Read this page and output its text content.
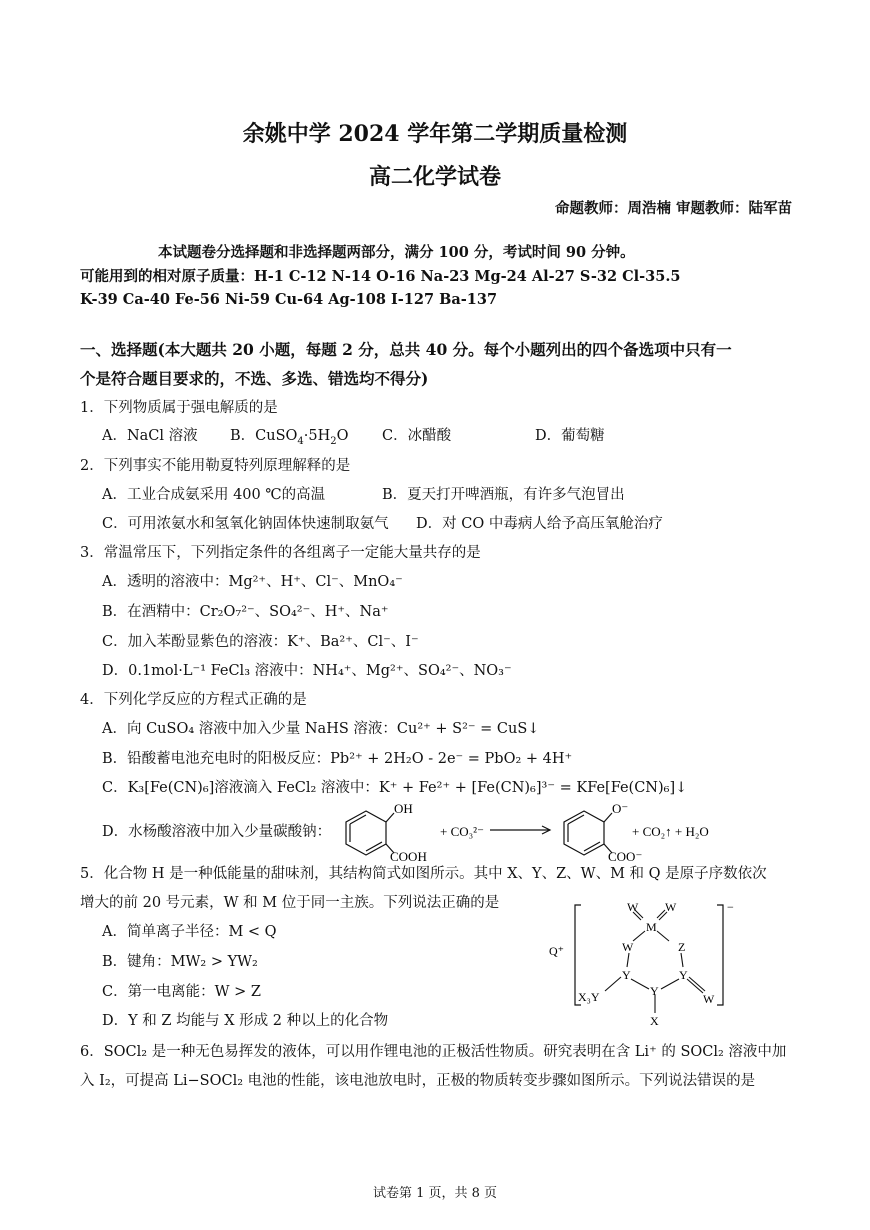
余姚中学 2024 学年第二学期质量检测
高二化学试卷
命题教师：周浩楠 审题教师：陆军苗
本试题卷分选择题和非选择题两部分，满分 100 分，考试时间 90 分钟。
可能用到的相对原子质量：H-1 C-12 N-14 O-16 Na-23 Mg-24 Al-27 S-32 Cl-35.5
K-39 Ca-40 Fe-56 Ni-59 Cu-64 Ag-108 I-127 Ba-137
一、选择题(本大题共 20 小题，每题 2 分，总共 40 分。每个小题列出的四个备选项中只有一
个是符合题目要求的，不选、多选、错选均不得分)
1．下列物质属于强电解质的是
A．NaCl 溶液 B．$CuSO_4\cdot 5H_2O$ C．冰醋酸	D．葡萄糖
2．下列事实不能用勒夏特列原理解释的是
A．工业合成氨采用 400 ℃的高温	B．夏天打开啤酒瓶，有许多气泡冒出
C．可用浓氨水和氢氧化钠固体快速制取氨气 D．对 CO 中毒病人给予高压氧舱治疗
3．常温常压下，下列指定条件的各组离子一定能大量共存的是
A．透明的溶液中：Mg²⁺、H⁺、Cl⁻、MnO₄⁻
B．在酒精中：Cr₂O₇²⁻、SO₄²⁻、H⁺、Na⁺
C．加入苯酚显紫色的溶液：K⁺、Ba²⁺、Cl⁻、I⁻
D．0.1mol·L⁻¹ FeCl₃ 溶液中：NH₄⁺、Mg²⁺、SO₄²⁻、NO₃⁻
4．下列化学反应的方程式正确的是
A．向 CuSO₄ 溶液中加入少量 NaHS 溶液：Cu²⁺ + S²⁻ = CuS↓
B．铅酸蓄电池充电时的阳极反应：Pb²⁺ + 2H₂O - 2e⁻ = PbO₂ + 4H⁺
C．K₃[Fe(CN)₆]溶液滴入 FeCl₂ 溶液中：K⁺ + Fe²⁺ + [Fe(CN)₆]³⁻ = KFe[Fe(CN)₆]↓
D．水杨酸溶液中加入少量碳酸钠：
OH
COOH
+ CO₃²⁻
O⁻
COO⁻
+ CO₂↑ + H₂O
5．化合物 H 是一种低能量的甜味剂，其结构简式如图所示。其中 X、Y、Z、W、M 和 Q 是原子序数依次
增大的前 20 号元素，W 和 M 位于同一主族。下列说法正确的是
A．简单离子半径：M < Q
B．键角：MW₂ > YW₂
C．第一电离能：W > Z
D．Y 和 Z 均能与 X 形成 2 种以上的化合物
−
Q⁺
W W
M
W	Z
Y	Y
Y
W
X₃Y
X
6．SOCl₂ 是一种无色易挥发的液体，可以用作锂电池的正极活性物质。研究表明在含 Li⁺ 的 SOCl₂ 溶液中加
入 I₂，可提高 Li−SOCl₂ 电池的性能，该电池放电时，正极的物质转变步骤如图所示。下列说法错误的是
试卷第 1 页，共 8 页
